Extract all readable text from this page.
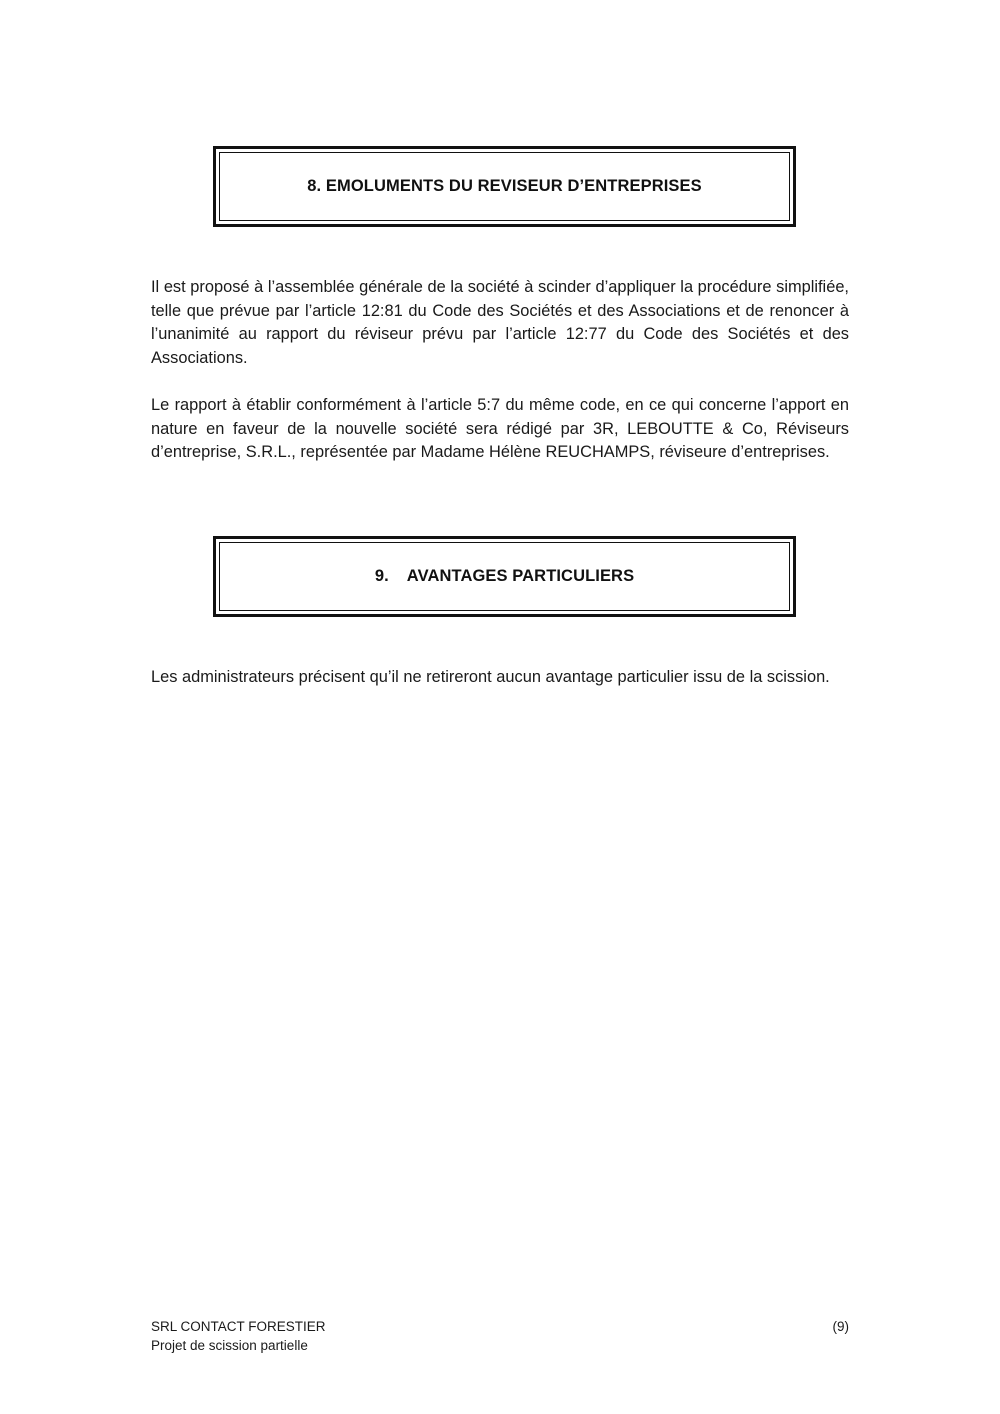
8. EMOLUMENTS DU REVISEUR D’ENTREPRISES

Il est proposé à l’assemblée générale de la société à scinder d’appliquer la procédure simplifiée, telle que prévue par l’article 12:81 du Code des Sociétés et des Associations et de renoncer à l’unanimité au rapport du réviseur prévu par l’article 12:77 du Code des Sociétés et des Associations.

Le rapport à établir conformément à l’article 5:7 du même code, en ce qui concerne l’apport en nature en faveur de la nouvelle société sera rédigé par 3R, LEBOUTTE & Co, Réviseurs d’entreprise, S.R.L., représentée par Madame Hélène REUCHAMPS, réviseure d’entreprises.

9. AVANTAGES PARTICULIERS

Les administrateurs précisent qu’il ne retireront aucun avantage particulier issu de la scission.

SRL CONTACT FORESTIER
Projet de scission partielle
(9)
